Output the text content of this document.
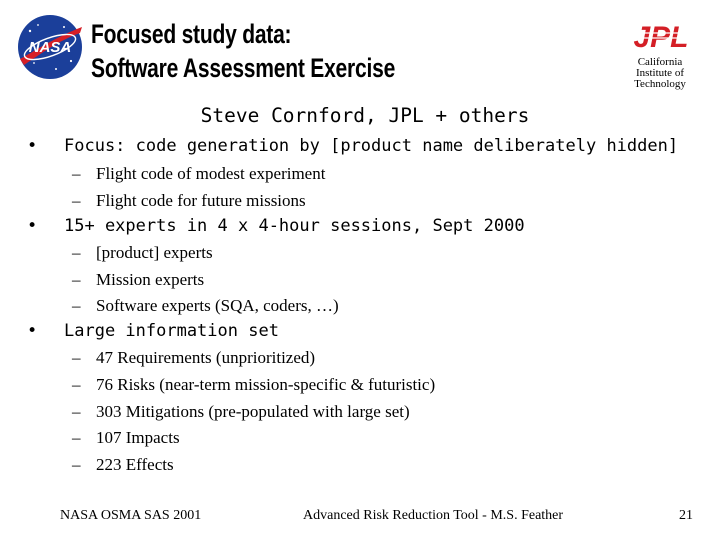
NASA Focused study data:
Software Assessment Exercise
JPL
California
Institute of
Technology
Steve Cornford, JPL + others
• Focus: code generation by [product name deliberately hidden]
– Flight code of modest experiment
– Flight code for future missions
• 15+ experts in 4 x 4-hour sessions, Sept 2000
– [product] experts
– Mission experts
– Software experts (SQA, coders, …)
• Large information set
– 47 Requirements (unprioritized)
– 76 Risks (near-term mission-specific & futuristic)
– 303 Mitigations (pre-populated with large set)
– 107 Impacts
– 223 Effects
NASA OSMA SAS 2001	Advanced Risk Reduction Tool - M.S. Feather	21
